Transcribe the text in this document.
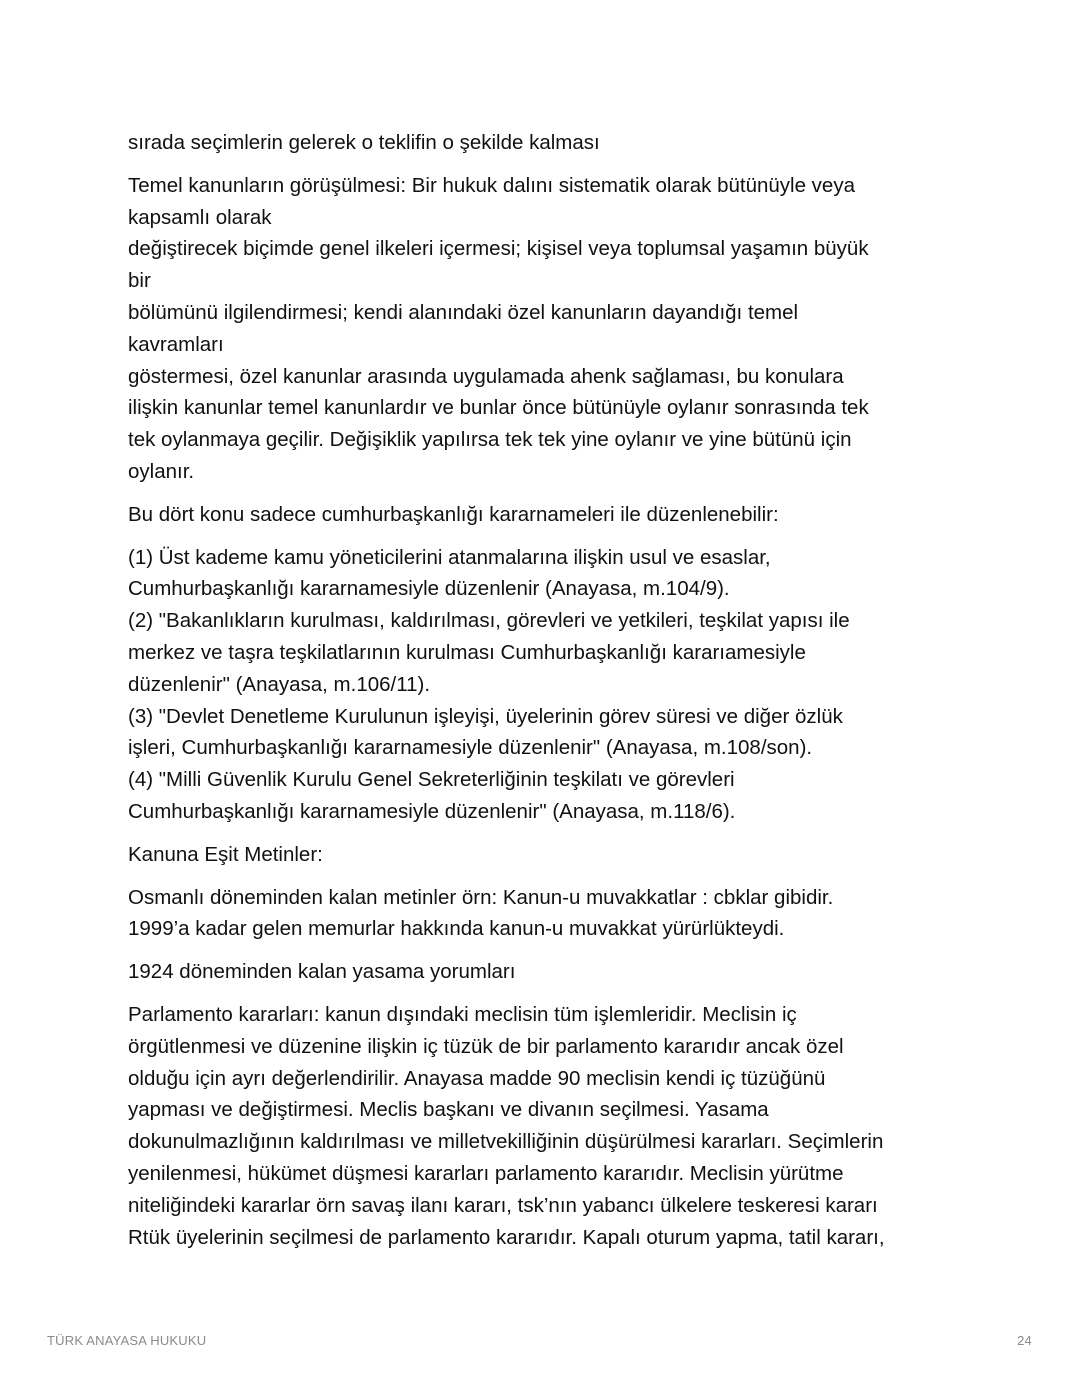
sırada seçimlerin gelerek o teklifin o şekilde kalması
Temel kanunların görüşülmesi: Bir hukuk dalını sistematik olarak bütünüyle veya
kapsamlı olarak
değiştirecek biçimde genel ilkeleri içermesi; kişisel veya toplumsal yaşamın büyük
bir
bölümünü ilgilendirmesi; kendi alanındaki özel kanunların dayandığı temel
kavramları
göstermesi, özel kanunlar arasında uygulamada ahenk sağlaması, bu konulara
ilişkin kanunlar temel kanunlardır ve bunlar önce bütünüyle oylanır sonrasında tek
tek oylanmaya geçilir. Değişiklik yapılırsa tek tek yine oylanır ve yine bütünü için
oylanır.
Bu dört konu sadece cumhurbaşkanlığı kararnameleri ile düzenlenebilir:
(1) Üst kademe kamu yöneticilerini atanmalarına ilişkin usul ve esaslar,
Cumhurbaşkanlığı kararnamesiyle düzenlenir (Anayasa, m.104/9).
(2) "Bakanlıkların kurulması, kaldırılması, görevleri ve yetkileri, teşkilat yapısı ile
merkez ve taşra teşkilatlarının kurulması Cumhurbaşkanlığı kararıamesiyle
düzenlenir" (Anayasa, m.106/11).
(3) "Devlet Denetleme Kurulunun işleyişi, üyelerinin görev süresi ve diğer özlük
işleri, Cumhurbaşkanlığı kararnamesiyle düzenlenir" (Anayasa, m.108/son).
(4) "Milli Güvenlik Kurulu Genel Sekreterliğinin teşkilatı ve görevleri
Cumhurbaşkanlığı kararnamesiyle düzenlenir" (Anayasa, m.118/6).
Kanuna Eşit Metinler:
Osmanlı döneminden kalan metinler örn: Kanun-u muvakkatlar : cbklar gibidir.
1999’a kadar gelen memurlar hakkında kanun-u muvakkat yürürlükteydi.
1924 döneminden kalan yasama yorumları
Parlamento kararları: kanun dışındaki meclisin tüm işlemleridir. Meclisin iç
örgütlenmesi ve düzenine ilişkin iç tüzük de bir parlamento kararıdır ancak özel
olduğu için ayrı değerlendirilir. Anayasa madde 90 meclisin kendi iç tüzüğünü
yapması ve değiştirmesi. Meclis başkanı ve divanın seçilmesi. Yasama
dokunulmazlığının kaldırılması ve milletvekilliğinin düşürülmesi kararları. Seçimlerin
yenilenmesi, hükümet düşmesi kararları parlamento kararıdır. Meclisin yürütme
niteliğindeki kararlar örn savaş ilanı kararı, tsk’nın yabancı ülkelere teskeresi kararı
Rtük üyelerinin seçilmesi de parlamento kararıdır. Kapalı oturum yapma, tatil kararı,
TÜRK ANAYASA HUKUKU	24
